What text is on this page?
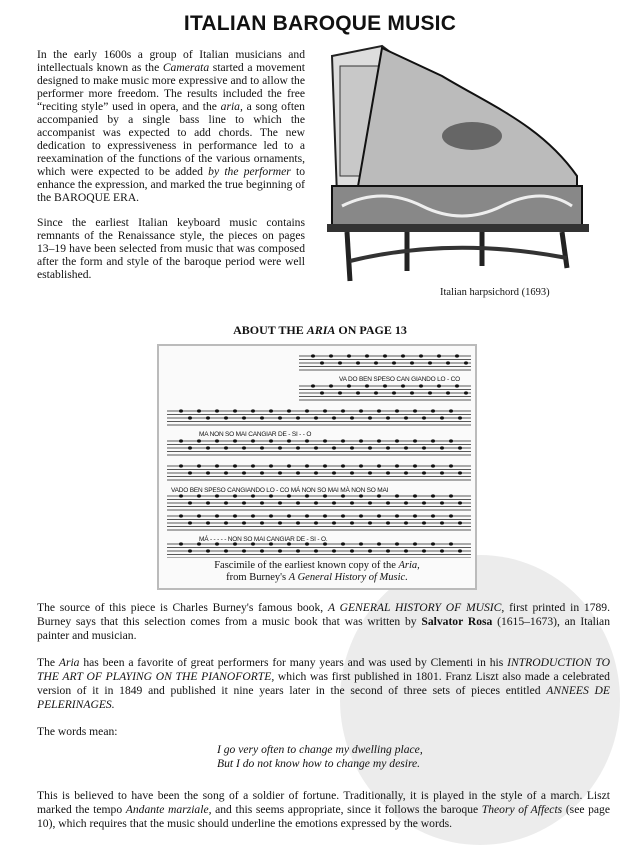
ITALIAN BAROQUE MUSIC

In the early 1600s a group of Italian musicians and intellectuals known as the Camerata started a movement designed to make music more expressive and to allow the performer more freedom. The results included the free “reciting style” used in opera, and the aria, a song often accompanied by a single bass line to which the accompanist was expected to add chords. The new dedication to expressiveness in performance led to a reexamination of the functions of the various ornaments, which were expected to be added by the performer to enhance the expression, and marked the true beginning of the BAROQUE ERA.

Since the earliest Italian keyboard music contains remnants of the Renaissance style, the pieces on pages 13–19 have been selected from music that was composed after the form and style of the baroque period were well established.

Italian harpsichord (1693)
ABOUT THE ARIA ON PAGE 13
VA DO BEN SPESO CAN GIANDO LO - CO
MA NON SO MAI CANGIAR DE - SI - - O
VADO BEN SPESO CANGIANDO LO - CO MÁ NON SO MAI MÀ NON SO MAI
MÁ - - - - - NON SO MAI CANGIAR DE - SI - O.
Fascimile of the earliest known copy of the Aria,
from Burney's A General History of Music.

The source of this piece is Charles Burney's famous book, A GENERAL HISTORY OF MUSIC, first printed in 1789. Burney says that this selection comes from a music book that was written by Salvator Rosa (1615–1673), an Italian painter and musician.

The Aria has been a favorite of great performers for many years and was used by Clementi in his INTRODUCTION TO THE ART OF PLAYING ON THE PIANOFORTE, which was first published in 1801. Franz Liszt also made a celebrated version of it in 1849 and published it nine years later in the second of three sets of pieces entitled ANNEES DE PELERINAGES.

The words mean:

I go very often to change my dwelling place,
But I do not know how to change my desire.

This is believed to have been the song of a soldier of fortune. Traditionally, it is played in the style of a march. Liszt marked the tempo Andante marziale, and this seems appropriate, since it follows the baroque Theory of Affects (see page 10), which requires that the music should underline the emotions expressed by the words.
